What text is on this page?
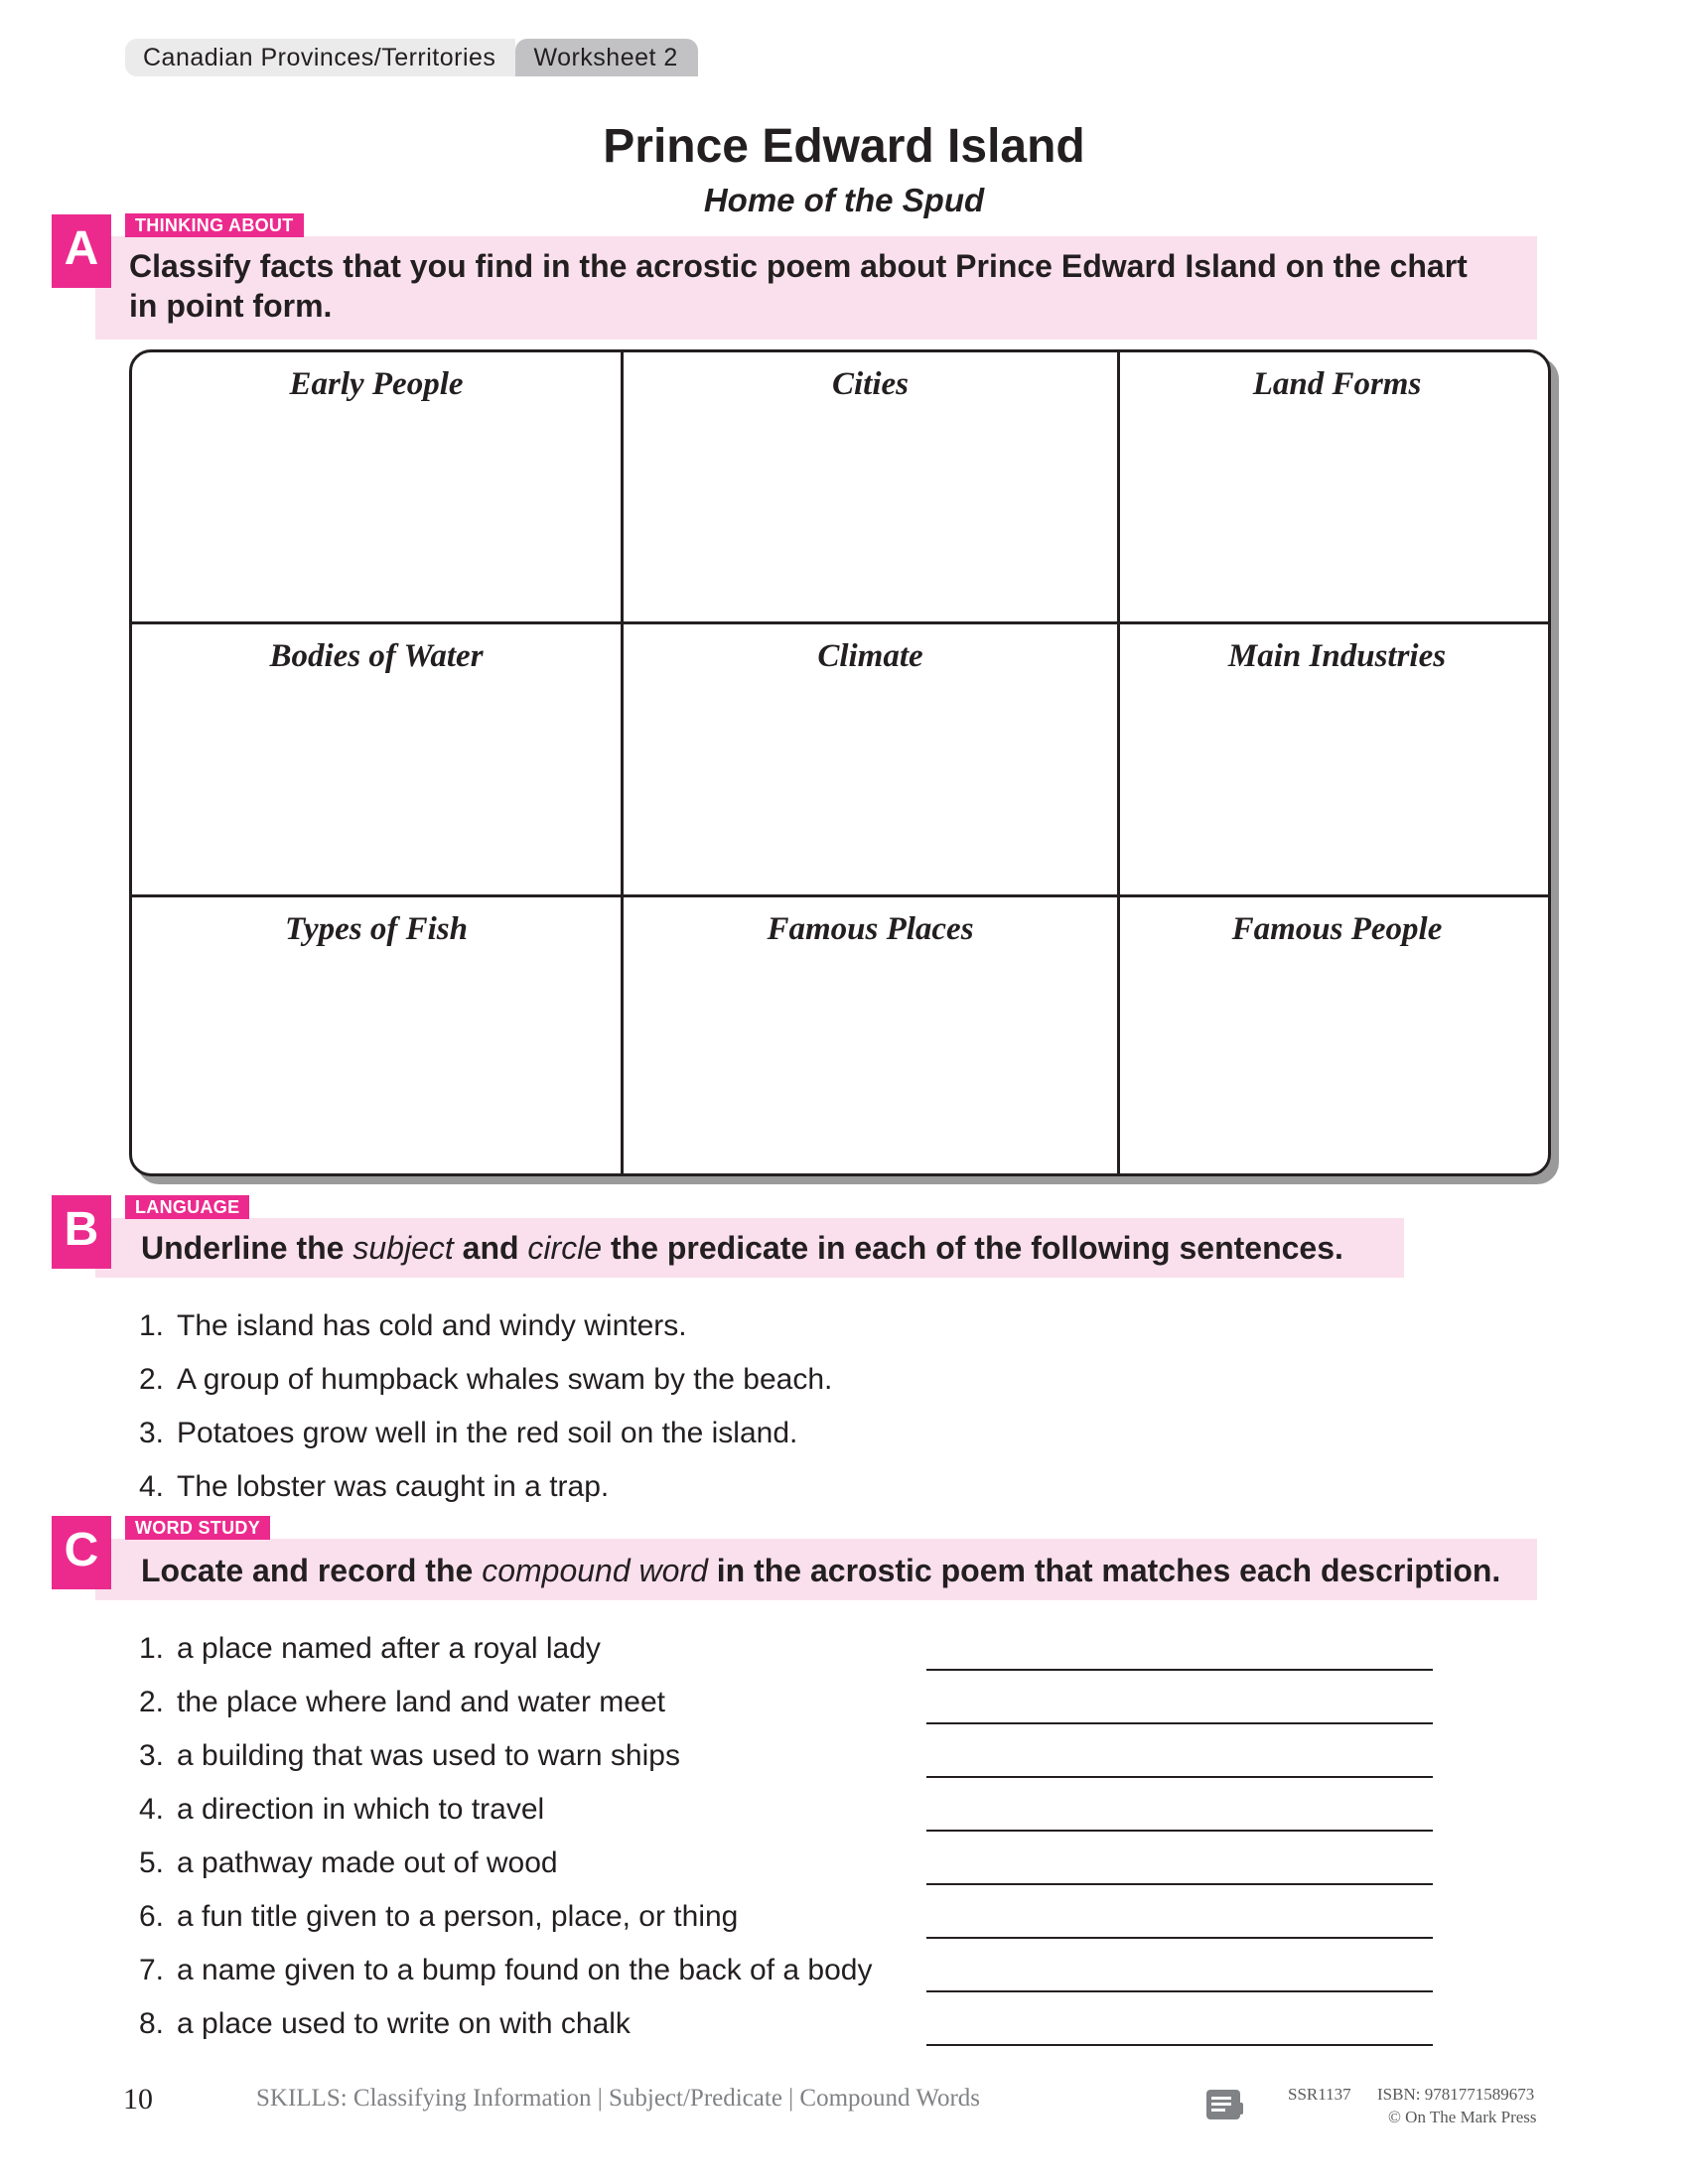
Canadian Provinces/Territories	Worksheet 2
Prince Edward Island
Home of the Spud
THINKING ABOUT
A Classify facts that you find in the acrostic poem about Prince Edward Island on the chart
in point form.
Early People	Cities	Land Forms
Bodies of Water	Climate	Main Industries
Types of Fish	Famous Places	Famous People
LANGUAGE
B	Underline the subject and circle the predicate in each of the following sentences.
1. The island has cold and windy winters.
2. A group of humpback whales swam by the beach.
3. Potatoes grow well in the red soil on the island.
4. The lobster was caught in a trap.
WORD STUDY
C	Locate and record the compound word in the acrostic poem that matches each description.
1. a place named after a royal lady
2. the place where land and water meet
3. a building that was used to warn ships
4. a direction in which to travel
5. a pathway made out of wood
6. a fun title given to a person, place, or thing
7. a name given to a bump found on the back of a body
8. a place used to write on with chalk
10	SKILLS: Classifying Information | Subject/Predicate | Compound Words	SSR1137 ISBN: 9781771589673
© On The Mark Press
